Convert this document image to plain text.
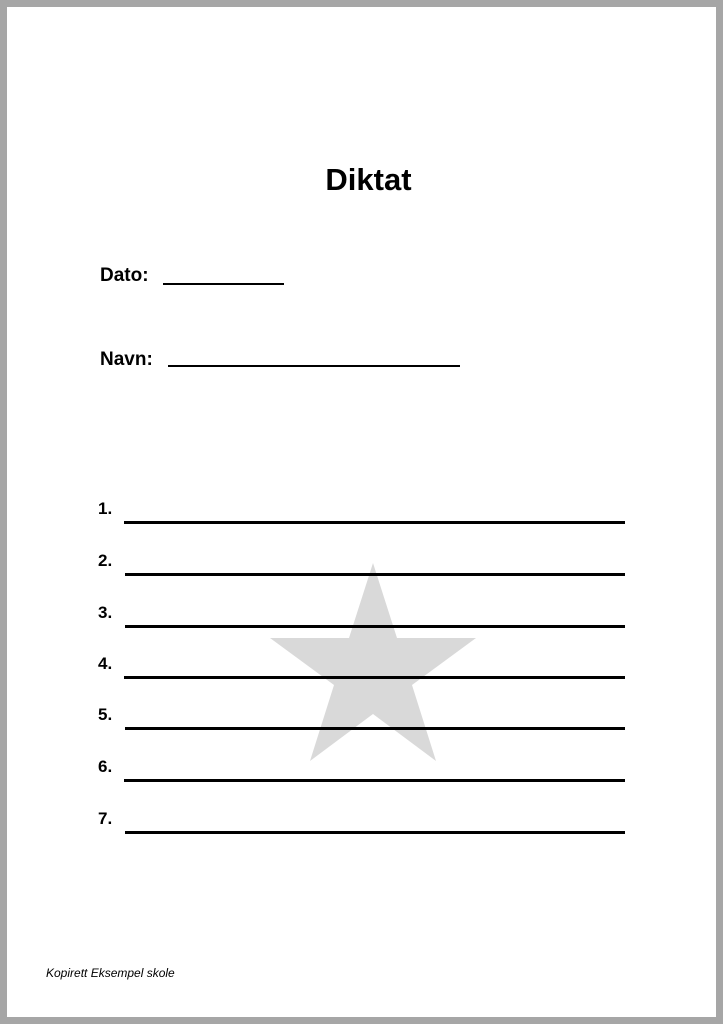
Diktat
Dato:
Navn:
1.
2.
3.
4.
5.
6.
7.
Kopirett Eksempel skole
